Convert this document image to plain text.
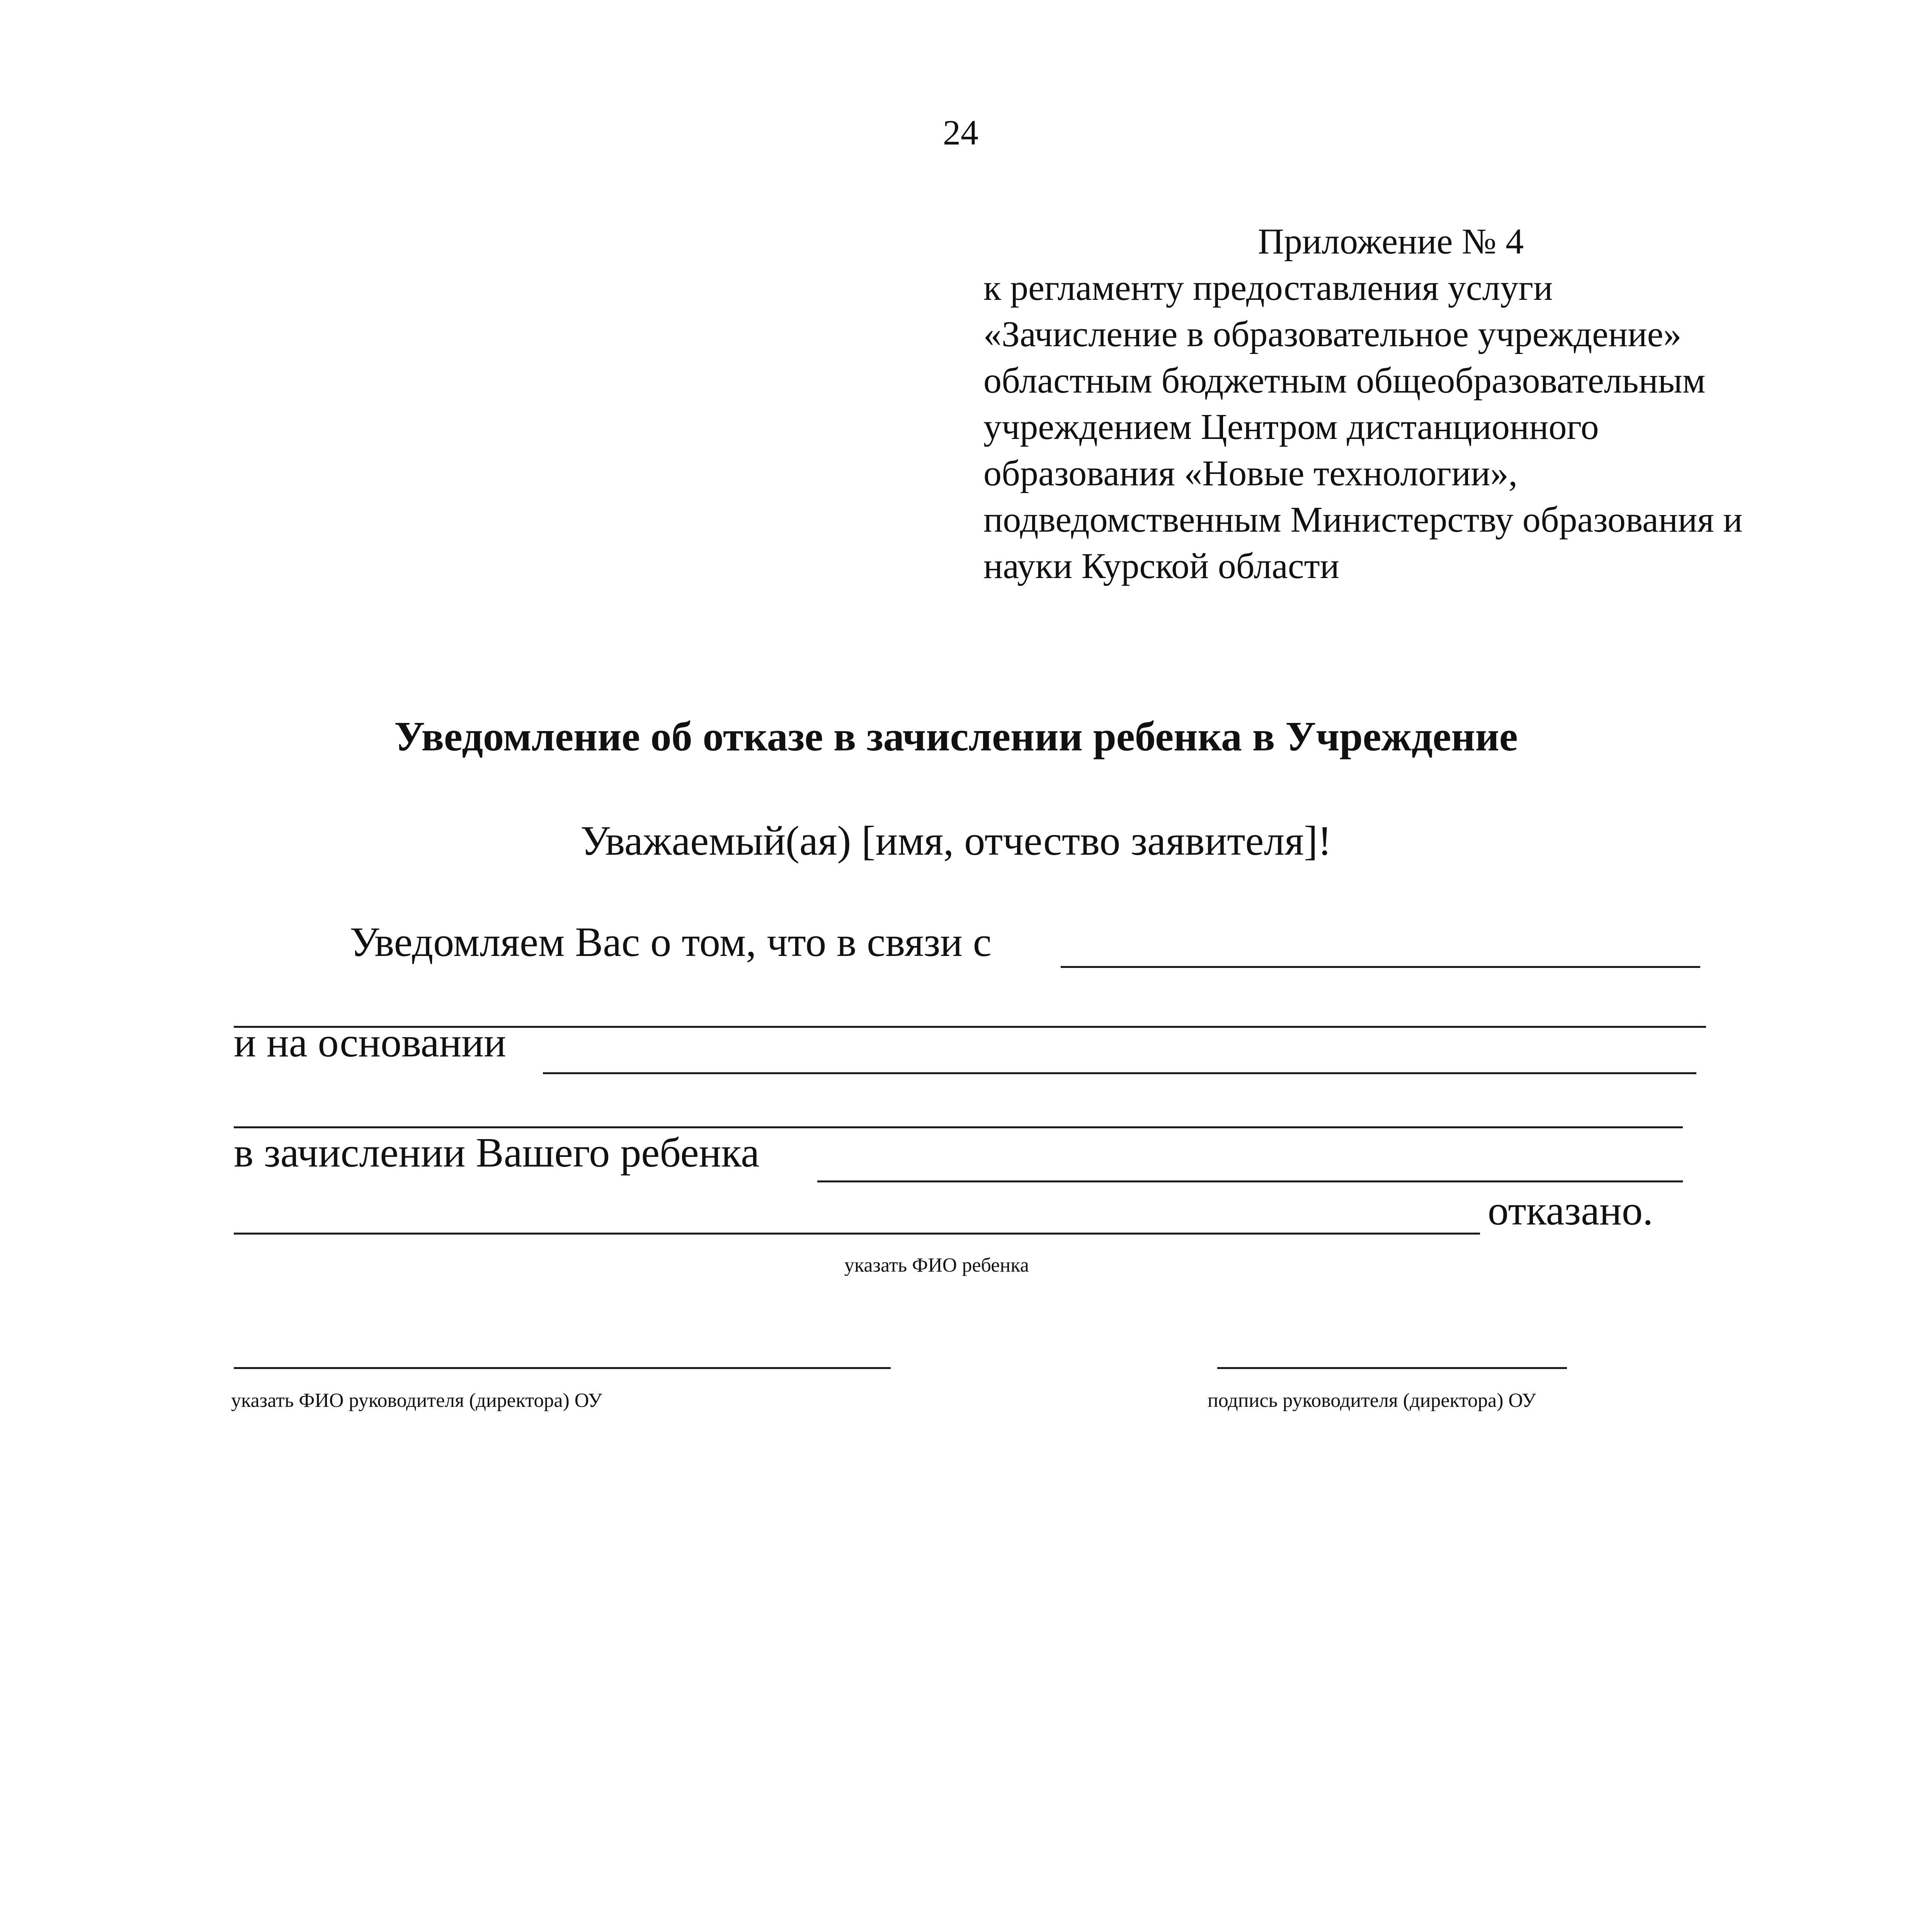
24
Приложение № 4
к регламенту предоставления услуги
«Зачисление в образовательное учреждение»
областным бюджетным общеобразовательным
учреждением Центром дистанционного
образования «Новые технологии»,
подведомственным Министерству образования и
науки Курской области
Уведомление об отказе в зачислении ребенка в Учреждение
Уважаемый(ая) [имя, отчество заявителя]!
Уведомляем Вас о том, что в связи с
и на основании
в зачислении Вашего ребенка
отказано.
указать ФИО ребенка
указать ФИО руководителя (директора) ОУ	подпись руководителя (директора) ОУ
